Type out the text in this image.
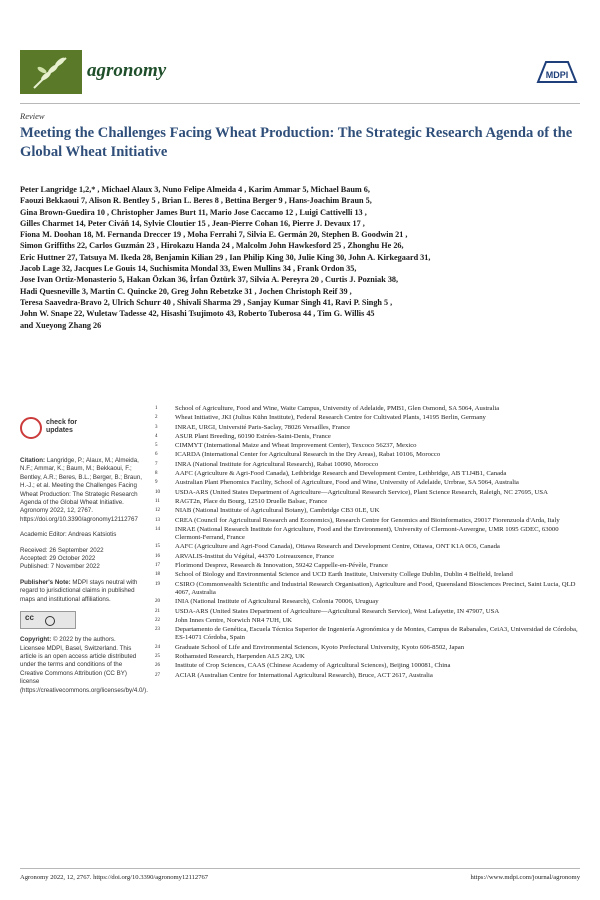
agronomy	MDPI
Review
Meeting the Challenges Facing Wheat Production: The Strategic Research Agenda of the Global Wheat Initiative

Peter Langridge 1,2,* , Michael Alaux 3, Nuno Felipe Almeida 4 , Karim Ammar 5, Michael Baum 6,

Faouzi Bekkaoui 7, Alison R. Bentley 5 , Brian L. Beres 8 , Bettina Berger 9 , Hans-Joachim Braun 5,

Gina Brown-Guedira 10 , Christopher James Burt 11, Mario Jose Caccamo 12 , Luigi Cattivelli 13 ,

Gilles Charmet 14, Peter Civáň 14, Sylvie Cloutier 15 , Jean-Pierre Cohan 16, Pierre J. Devaux 17 ,

Fiona M. Doohan 18, M. Fernanda Dreccer 19 , Moha Ferrahi 7, Silvia E. Germán 20, Stephen B. Goodwin 21 ,

Simon Griffiths 22, Carlos Guzmán 23 , Hirokazu Handa 24 , Malcolm John Hawkesford 25 , Zhonghu He 26,

Eric Huttner 27, Tatsuya M. Ikeda 28, Benjamin Kilian 29 , Ian Philip King 30, Julie King 30, John A. Kirkegaard 31,

Jacob Lage 32, Jacques Le Gouis 14, Suchismita Mondal 33, Ewen Mullins 34 , Frank Ordon 35,

Jose Ivan Ortiz-Monasterio 5, Hakan Özkan 36, İrfan Öztürk 37, Silvia A. Pereyra 20 , Curtis J. Pozniak 38,

Hadi Quesneville 3, Martin C. Quincke 20, Greg John Rebetzke 31 , Jochen Christoph Reif 39 ,

Teresa Saavedra-Bravo 2, Ulrich Schurr 40 , Shivali Sharma 29 , Sanjay Kumar Singh 41, Ravi P. Singh 5 ,

John W. Snape 22, Wuletaw Tadesse 42, Hisashi Tsujimoto 43, Roberto Tuberosa 44 , Tim G. Willis 45

and Xueyong Zhang 26

check for updates

Citation: Langridge, P.; Alaux, M.; Almeida, N.F.; Ammar, K.; Baum, M.; Bekkaoui, F.; Bentley, A.R.; Beres, B.L.; Berger, B.; Braun, H.-J.; et al. Meeting the Challenges Facing Wheat Production: The Strategic Research Agenda of the Global Wheat Initiative. Agronomy 2022, 12, 2767. https://doi.org/10.3390/agronomy12112767

Academic Editor: Andreas Katsiotis

Received: 26 September 2022
Accepted: 29 October 2022
Published: 7 November 2022

Publisher's Note: MDPI stays neutral with regard to jurisdictional claims in published maps and institutional affiliations.

cc

Copyright: © 2022 by the authors. Licensee MDPI, Basel, Switzerland. This article is an open access article distributed under the terms and conditions of the Creative Commons Attribution (CC BY) license (https://creativecommons.org/licenses/by/4.0/).

1	School of Agriculture, Food and Wine, Waite Campus, University of Adelaide, PMB1, Glen Osmond, SA 5064, Australia
2	Wheat Initiative, JKI (Julius Kühn Institute), Federal Research Centre for Cultivated Plants, 14195 Berlin, Germany
3	INRAE, URGI, Université Paris-Saclay, 78026 Versailles, France
4	ASUR Plant Breeding, 60190 Estrées-Saint-Denis, France
5	CIMMYT (International Maize and Wheat Improvement Center), Texcoco 56237, Mexico
6	ICARDA (International Center for Agricultural Research in the Dry Areas), Rabat 10106, Morocco
7	INRA (National Institute for Agricultural Research), Rabat 10090, Morocco
8	AAFC (Agriculture & Agri-Food Canada), Lethbridge Research and Development Centre, Lethbridge, AB T1J4B1, Canada
9	Australian Plant Phenomics Facility, School of Agriculture, Food and Wine, University of Adelaide, Urrbrae, SA 5064, Australia
10 USDA-ARS (United States Department of Agriculture—Agricultural Research Service), Plant Science Research, Raleigh, NC 27695, USA
11 RAGT2n, Place du Bourg, 12510 Druelle Balsac, France
12 NIAB (National Institute of Agricultural Botany), Cambridge CB3 0LE, UK
13 CREA (Council for Agricultural Research and Economics), Research Centre for Genomics and Bioinformatics, 29017 Fiorenzuola d'Arda, Italy
14 INRAE (National Research Institute for Agriculture, Food and the Environment), University of Clermont-Auvergne, UMR 1095 GDEC, 63000 Clermont-Ferrand, France
15 AAFC (Agriculture and Agri-Food Canada), Ottawa Research and Development Centre, Ottawa, ONT K1A 0C6, Canada
16 ARVALIS-Institut du Végétal, 44370 Loireauxence, France
17 Florimond Desprez, Research & Innovation, 59242 Cappelle-en-Pévèle, France
18 School of Biology and Environmental Science and UCD Earth Institute, University College Dublin, Dublin 4 Belfield, Ireland
19 CSIRO (Commonwealth Scientific and Industrial Research Organisation), Agriculture and Food, Queensland Biosciences Precinct, Saint Lucia, QLD 4067, Australia
20 INIA (National Institute of Agricultural Research), Colonia 70006, Uruguay
21 USDA-ARS (United States Department of Agriculture—Agricultural Research Service), West Lafayette, IN 47907, USA
22 John Innes Centre, Norwich NR4 7UH, UK
23 Departamento de Genética, Escuela Técnica Superior de Ingeniería Agronómica y de Montes, Campus de Rabanales, CeiA3, Universidad de Córdoba, ES-14071 Córdoba, Spain
24 Graduate School of Life and Environmental Sciences, Kyoto Prefectural University, Kyoto 606-8502, Japan
25 Rothamsted Research, Harpenden AL5 2JQ, UK
26 Institute of Crop Sciences, CAAS (Chinese Academy of Agricultural Sciences), Beijing 100081, China
27 ACIAR (Australian Centre for International Agricultural Research), Bruce, ACT 2617, Australia
Agronomy 2022, 12, 2767. https://doi.org/10.3390/agronomy12112767	https://www.mdpi.com/journal/agronomy
